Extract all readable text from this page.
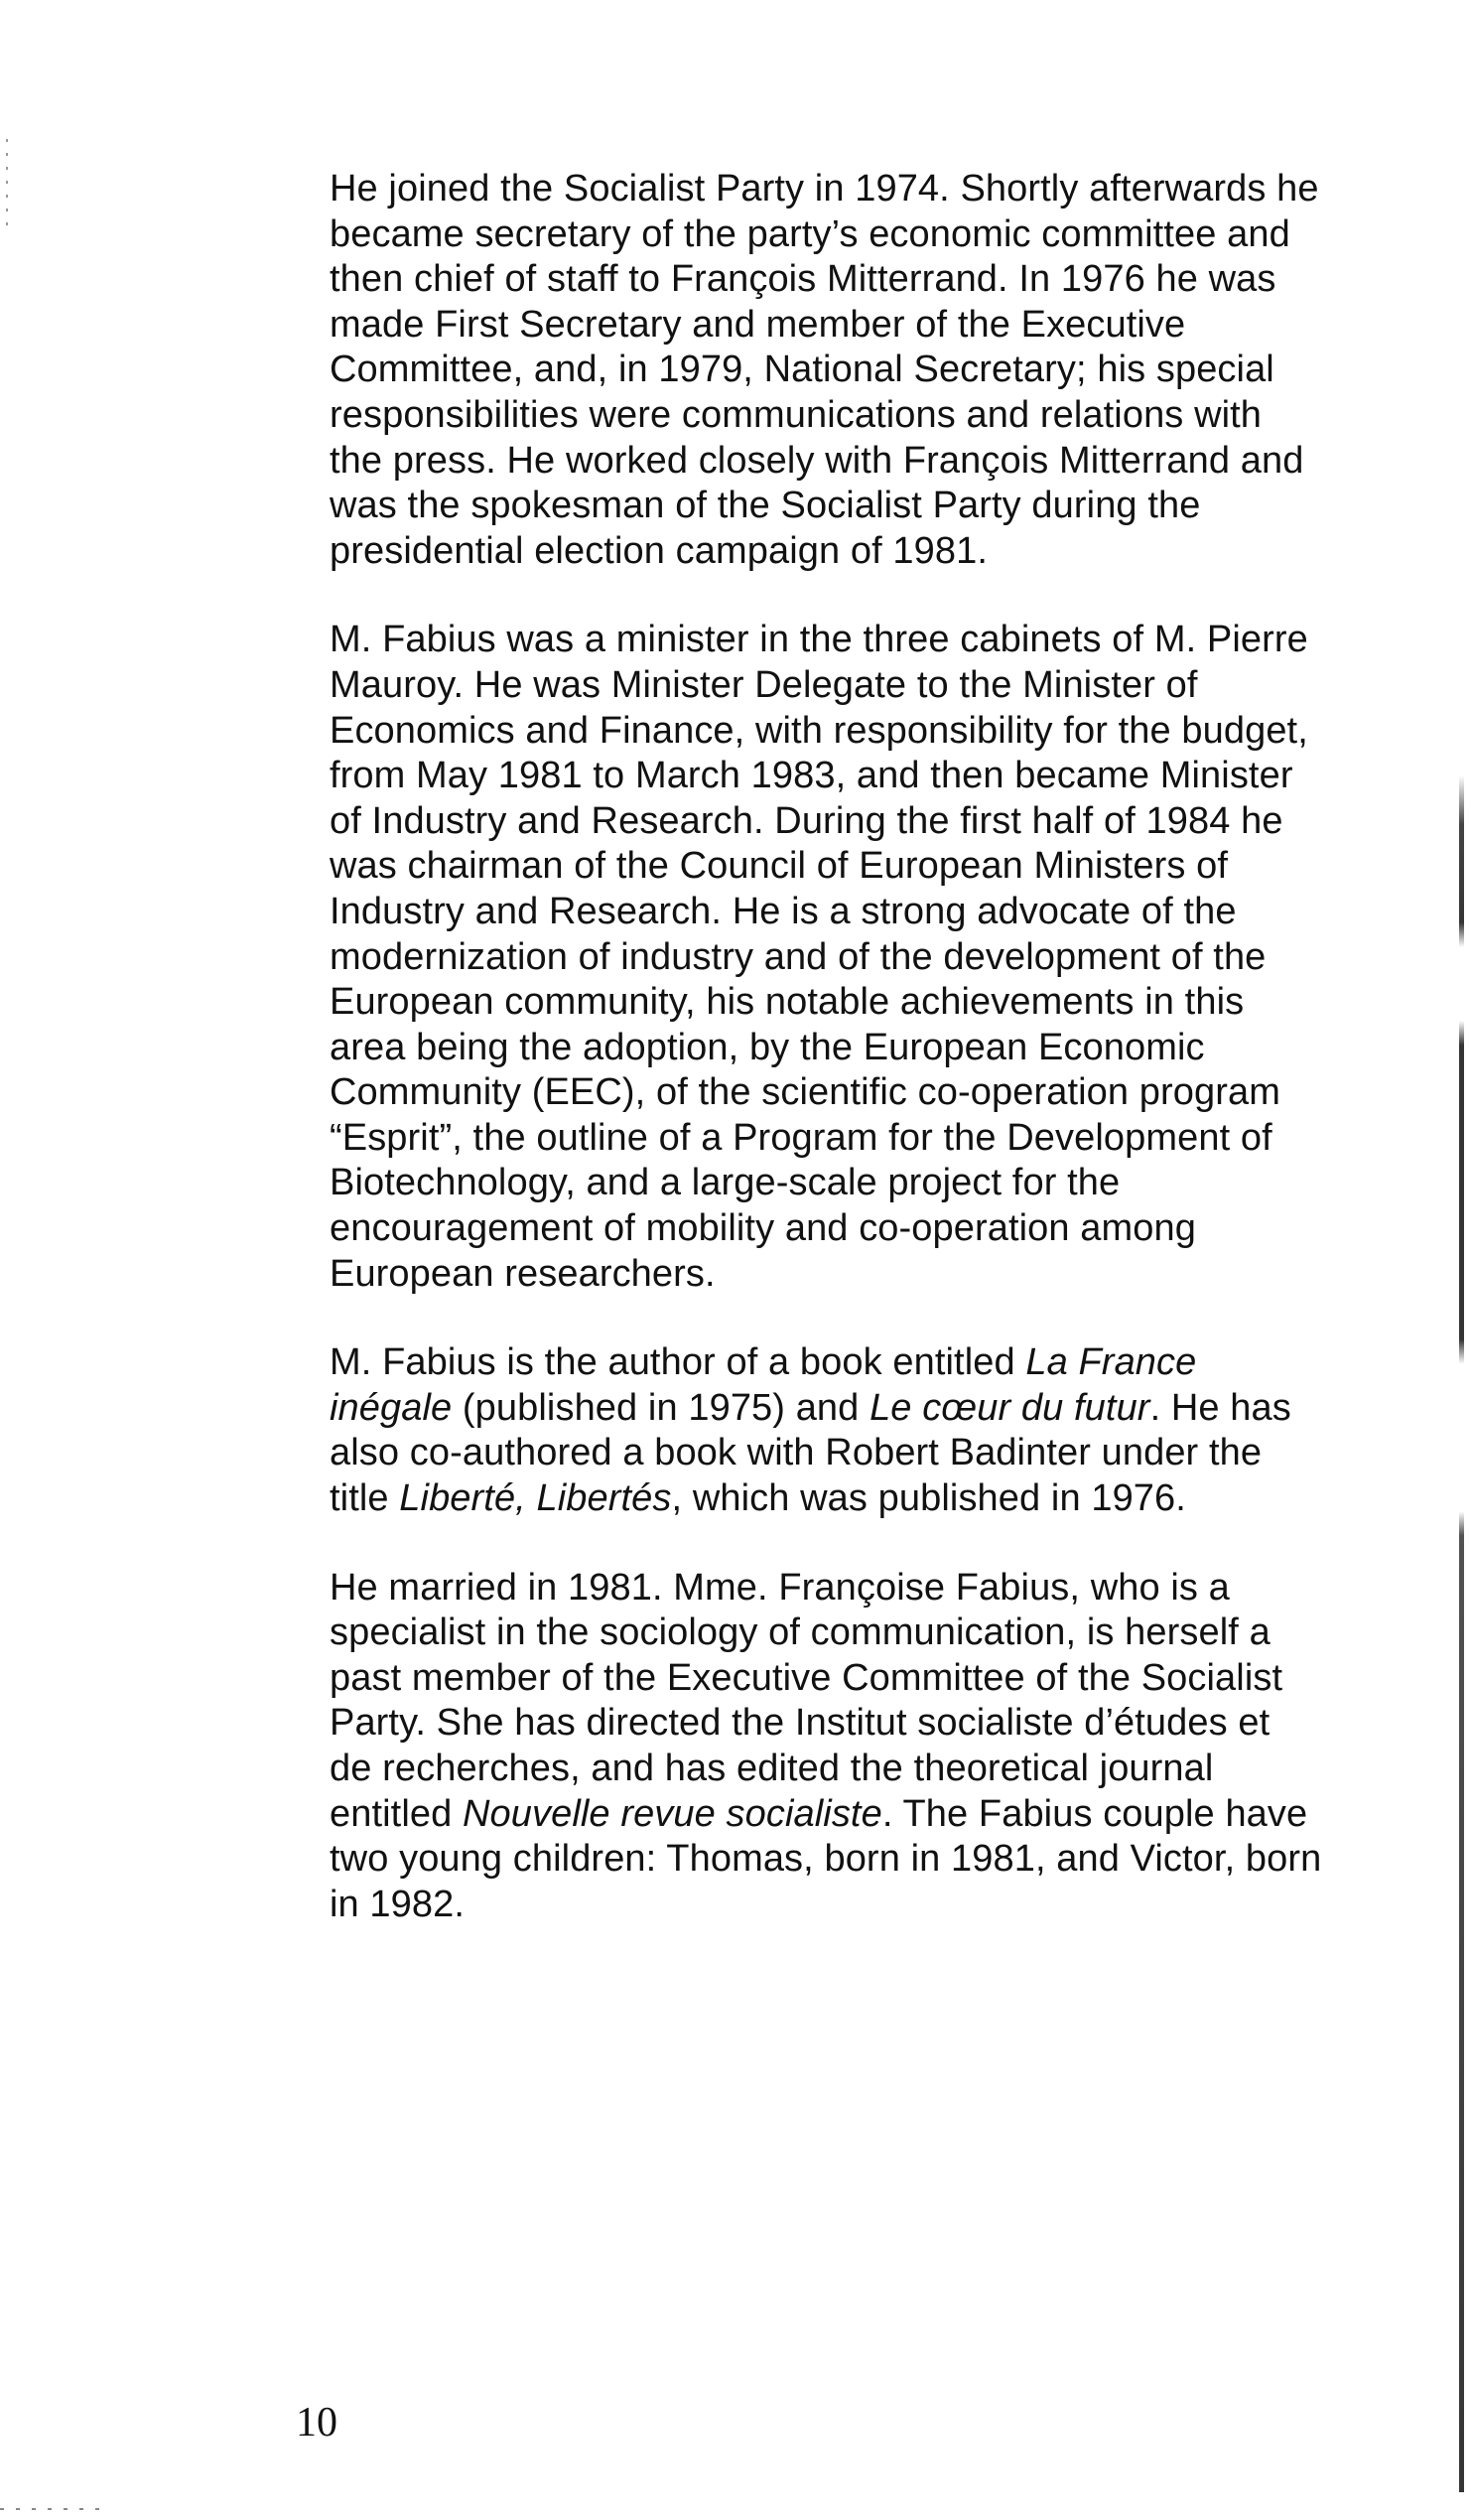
He joined the Socialist Party in 1974. Shortly afterwards he became secretary of the party’s economic committee and then chief of staff to François Mitterrand. In 1976 he was made First Secretary and member of the Executive Committee, and, in 1979, National Secretary; his special responsibilities were communications and relations with the press. He worked closely with François Mitterrand and was the spokesman of the Socialist Party during the presidential election campaign of 1981.

M. Fabius was a minister in the three cabinets of M. Pierre Mauroy. He was Minister Delegate to the Minister of Economics and Finance, with responsibility for the budget, from May 1981 to March 1983, and then became Minister of Industry and Research. During the first half of 1984 he was chairman of the Council of European Ministers of Industry and Research. He is a strong advocate of the modernization of industry and of the development of the European community, his notable achievements in this area being the adoption, by the European Economic Community (EEC), of the scientific co-operation program “Esprit”, the outline of a Program for the Development of Biotechnology, and a large-scale project for the encouragement of mobility and co-operation among European researchers.

M. Fabius is the author of a book entitled La France inégale (published in 1975) and Le cœur du futur. He has also co-authored a book with Robert Badinter under the title Liberté, Libertés, which was published in 1976.

He married in 1981. Mme. Françoise Fabius, who is a specialist in the sociology of communication, is herself a past member of the Executive Committee of the Socialist Party. She has directed the Institut socialiste d’études et de recherches, and has edited the theoretical journal entitled Nouvelle revue socialiste. The Fabius couple have two young children: Thomas, born in 1981, and Victor, born in 1982.

10
